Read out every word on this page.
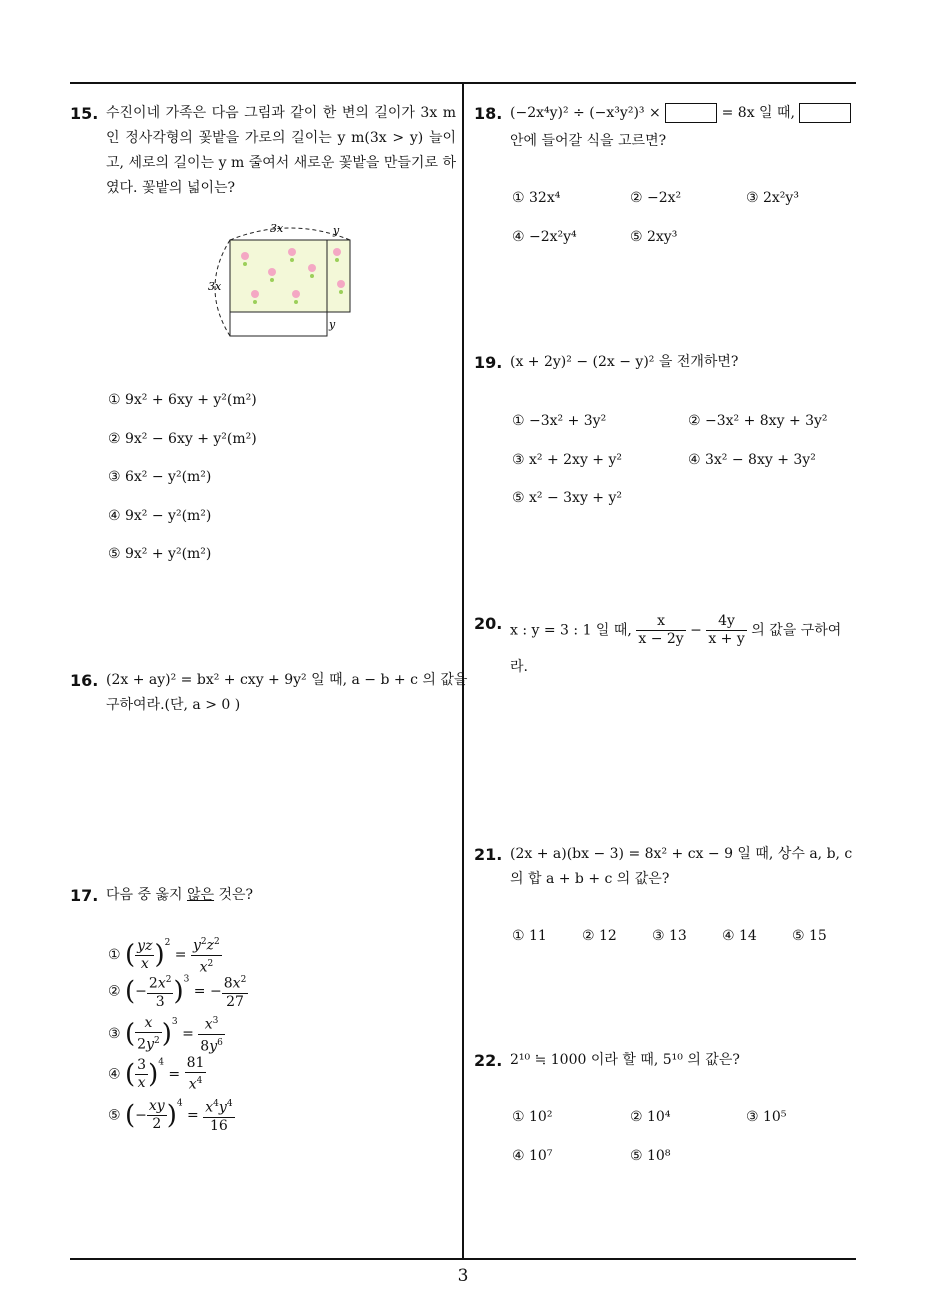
15. 수진이네 가족은 다음 그림과 같이 한 변의 길이가 3x m 인 정사각형의 꽃밭을 가로의 길이는 y m(3x > y) 늘이고, 세로의 길이는 y m 줄여서 새로운 꽃밭을 만들기로 하였다. 꽃밭의 넓이는?
3x	y
3x
y
① 9x² + 6xy + y²(m²)
② 9x² − 6xy + y²(m²)
③ 6x² − y²(m²)
④ 9x² − y²(m²)
⑤ 9x² + y²(m²)
16. (2x + ay)² = bx² + cxy + 9y² 일 때, a − b + c 의 값을
구하여라.(단, a > 0 )
17. 다음 중 옳지 않은 것은?
① ( $\frac{yz}{x} )^2 = \frac{y^2z^2}{x^2}$
② (− $\frac{2x^2}{3} )^3$ = − $\frac{8x^2}{27}$
③ ( $\frac{x}{2y^2} )^3 = \frac{x^3}{8y^6}$
④ ( $\frac{3}{x} )^4 = \frac{81}{x^4}$
⑤ (− $\frac{xy}{2} )^4 = \frac{x^4y^4}{16}$
18. (−2x⁴y)² ÷ (−x³y²)³ ×	= 8x 일 때,
안에 들어갈 식을 고르면?
① 32x⁴	② −2x²	③ 2x²y³
④ −2x²y⁴	⑤ 2xy³
19. (x + 2y)² − (2x − y)² 을 전개하면?
① −3x² + 3y²	② −3x² + 8xy + 3y²
③ x² + 2xy + y²	④ 3x² − 8xy + 3y²
⑤ x² − 3xy + y²
20. x : y = 3 : 1 일 때, $\frac{x}{x - 2y} - \frac{4y}{x + y}$ 의 값을 구하여
라.
21. (2x + a)(bx − 3) = 8x² + cx − 9 일 때, 상수 a, b, c
의 합 a + b + c 의 값은?
① 11	② 12	③ 13	④ 14	⑤ 15
22. 2¹⁰ ≒ 1000 이라 할 때, 5¹⁰ 의 값은?
① 10²	② 10⁴	③ 10⁵
④ 10⁷	⑤ 10⁸
3
